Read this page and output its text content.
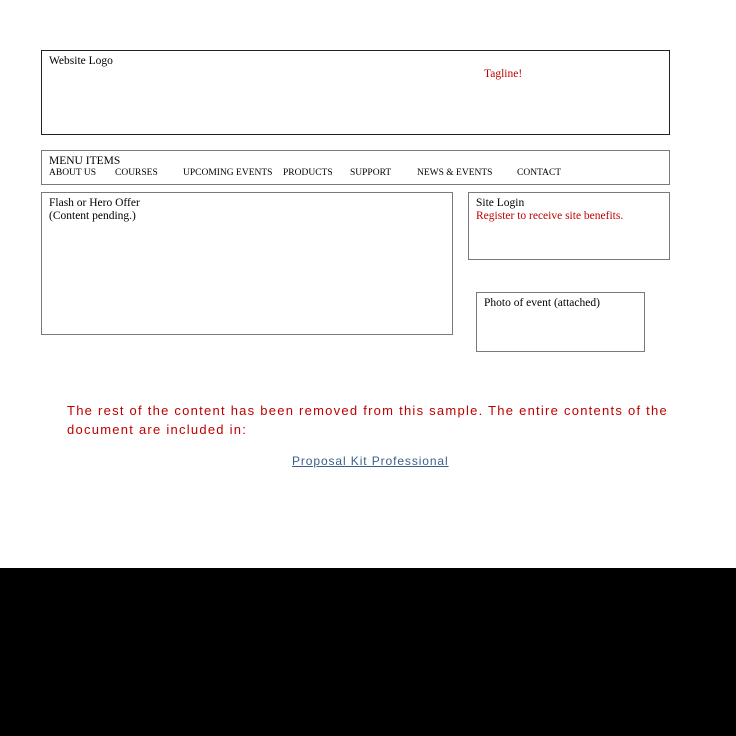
Website Logo
Tagline!
MENU ITEMS
ABOUT US COURSES	UPCOMING EVENTS PRODUCTS SUPPORT	NEWS & EVENTS	CONTACT
Flash or Hero Offer
(Content pending.)
Site Login
Register to receive site benefits.
Photo of event (attached)
The rest of the content has been removed from this sample. The entire contents of the document are included in:
Proposal Kit Professional
